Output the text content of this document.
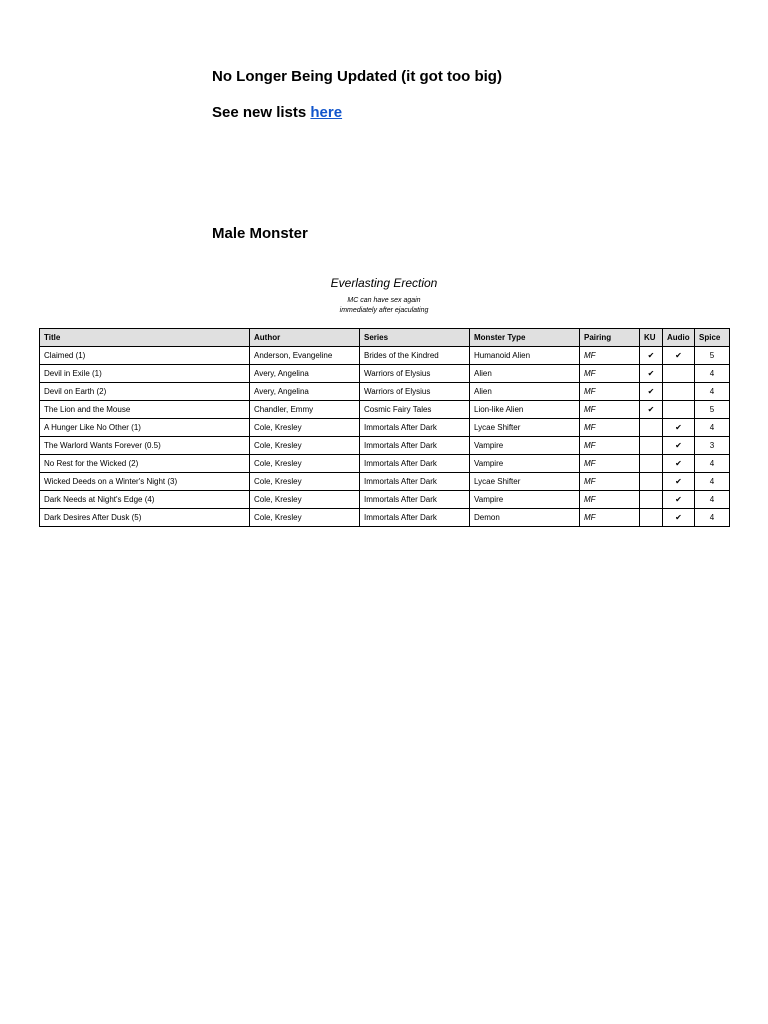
No Longer Being Updated (it got too big)
See new lists here
Male Monster
Everlasting Erection
MC can have sex again
immediately after ejaculating
Title	Author	Series	Monster Type	Pairing	KU	Audio	Spice
Claimed (1)	Anderson, Evangeline	Brides of the Kindred	Humanoid Alien	MF	✔	✔	5
Devil in Exile (1)	Avery, Angelina	Warriors of Elysius	Alien	MF	✔		4
Devil on Earth (2)	Avery, Angelina	Warriors of Elysius	Alien	MF	✔		4
The Lion and the Mouse	Chandler, Emmy	Cosmic Fairy Tales	Lion-like Alien	MF	✔		5
A Hunger Like No Other (1)	Cole, Kresley	Immortals After Dark	Lycae Shifter	MF		✔	4
The Warlord Wants Forever (0.5)	Cole, Kresley	Immortals After Dark	Vampire	MF		✔	3
No Rest for the Wicked (2)	Cole, Kresley	Immortals After Dark	Vampire	MF		✔	4
Wicked Deeds on a Winter's Night (3)	Cole, Kresley	Immortals After Dark	Lycae Shifter	MF		✔	4
Dark Needs at Night's Edge (4)	Cole, Kresley	Immortals After Dark	Vampire	MF		✔	4
Dark Desires After Dusk (5)	Cole, Kresley	Immortals After Dark	Demon	MF		✔	4
